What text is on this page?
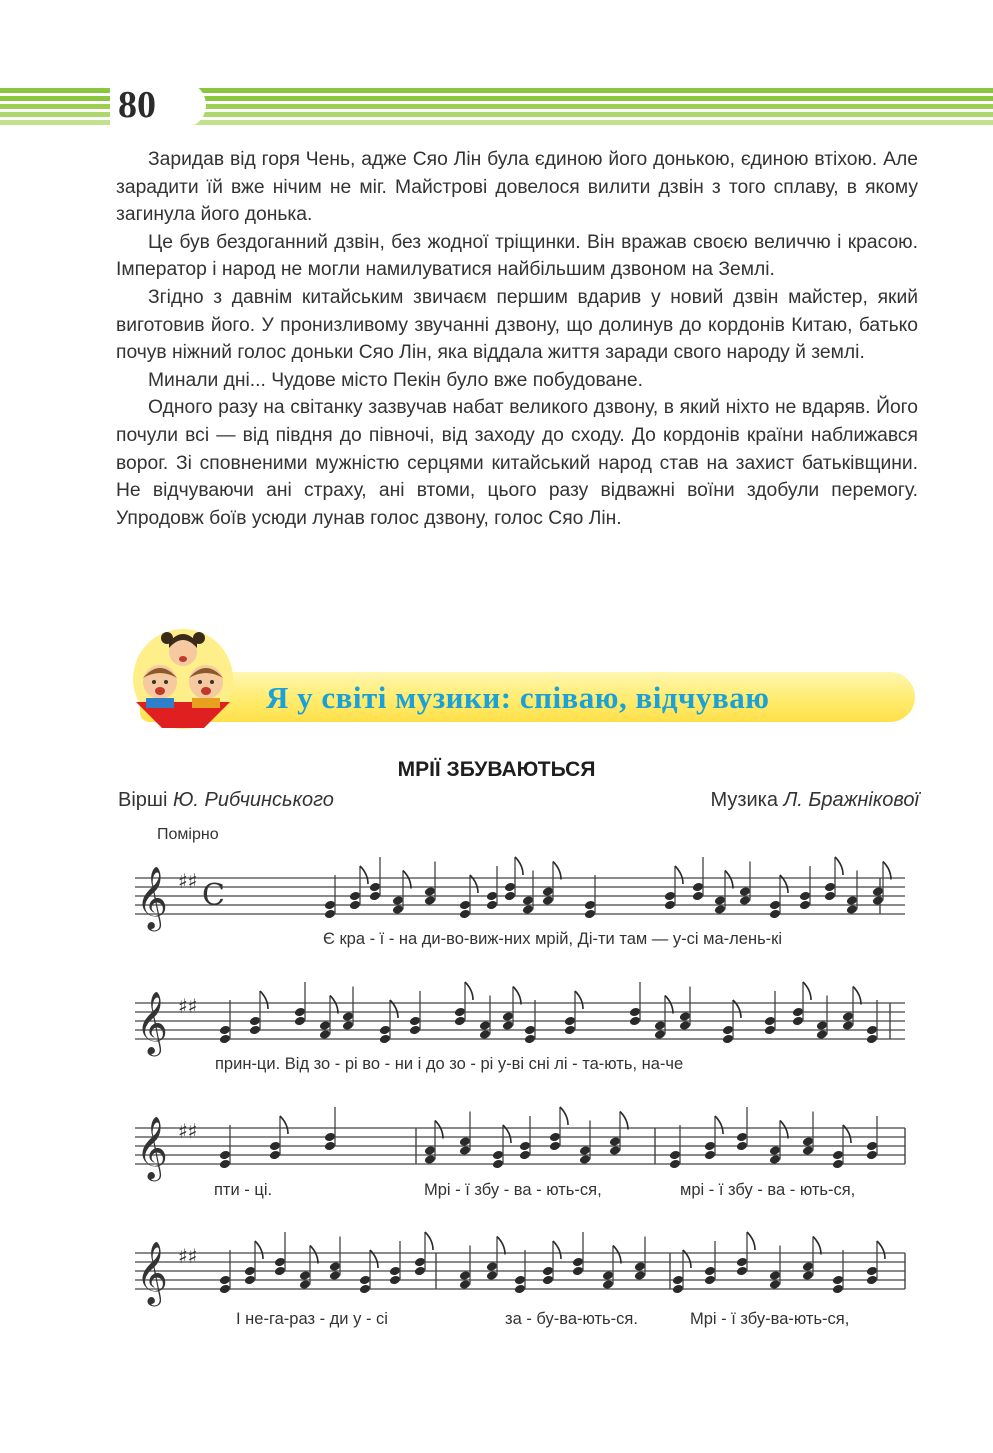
80

Заридав від горя Чень, адже Сяо Лін була єдиною його донькою, єдиною втіхою. Але зарадити їй вже нічим не міг. Майстрові довелося вилити дзвін з того сплаву, в якому загинула його донька.

Це був бездоганний дзвін, без жодної тріщинки. Він вражав своєю величчю і красою. Імператор і народ не могли намилуватися найбільшим дзвоном на Землі.

Згідно з давнім китайським звичаєм першим вдарив у новий дзвін майстер, який виготовив його. У пронизливому звучанні дзвону, що долинув до кордонів Китаю, батько почув ніжний голос доньки Сяо Лін, яка віддала життя заради свого народу й землі.

Минали дні... Чудове місто Пекін було вже побудоване.

Одного разу на світанку зазвучав набат великого дзвону, в який ніхто не вдаряв. Його почули всі — від півдня до півночі, від заходу до сходу. До кордонів країни наближався ворог. Зі сповненими мужністю серцями китайський народ став на захист батьківщини. Не відчуваючи ані страху, ані втоми, цього разу відважні воїни здобули перемогу. Упродовж боїв усюди лунав голос дзвону, голос Сяо Лін.

Я у світі музики: співаю, відчуваю
МРІЇ ЗБУВАЮТЬСЯ
Вірші Ю. Рибчинського	Музика Л. Бражнікової
Помірно
𝄞 ♯♯ C
𝄞 ♯♯
𝄞 ♯♯
𝄞 ♯♯
Є кра - ї - на ди-во-виж-них мрій, Ді-ти там — у-сі ма-лень-кі
прин-ци. Від зо - рі во - ни і до зо - рі у-ві сні лі - та-ють, на-че
пти - ці.	Мрі - ї збу - ва - ють-ся,	мрі - ї збу - ва - ють-ся,
І не-га-раз - ди у - сі	за - бу-ва-ють-ся.	Мрі - ї збу-ва-ють-ся,
